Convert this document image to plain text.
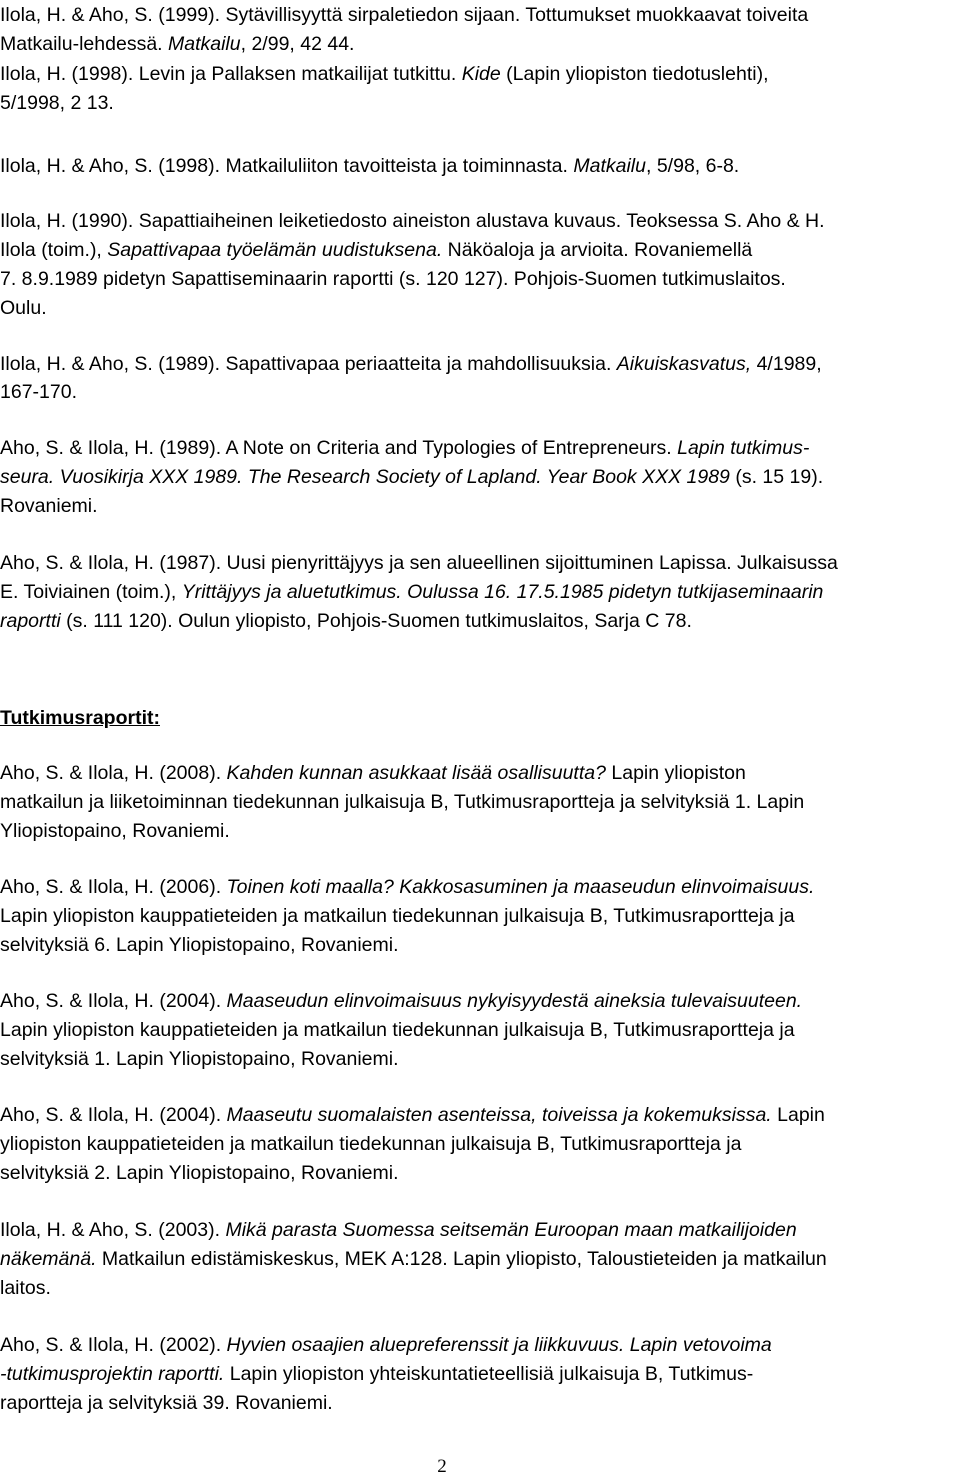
Ilola, H. & Aho, S. (1999). Sytävillisyyttä sirpaletiedon sijaan. Tottumukset muokkaavat toiveita
Matkailu-lehdessä. Matkailu, 2/99, 42 44.
Ilola, H. (1998). Levin ja Pallaksen matkailijat tutkittu. Kide (Lapin yliopiston tiedotuslehti),
5/1998, 2 13.
Ilola, H. & Aho, S. (1998). Matkailuliiton tavoitteista ja toiminnasta. Matkailu, 5/98, 6-8.
Ilola, H. (1990). Sapattiaiheinen leiketiedosto aineiston alustava kuvaus. Teoksessa S. Aho & H.
Ilola (toim.), Sapattivapaa työelämän uudistuksena. Näköaloja ja arvioita. Rovaniemellä
7. 8.9.1989 pidetyn Sapattiseminaarin raportti (s. 120 127). Pohjois-Suomen tutkimuslaitos.
Oulu.
Ilola, H. & Aho, S. (1989). Sapattivapaa periaatteita ja mahdollisuuksia. Aikuiskasvatus, 4/1989,
167-170.
Aho, S. & Ilola, H. (1989). A Note on Criteria and Typologies of Entrepreneurs. Lapin tutkimus-
seura. Vuosikirja XXX 1989. The Research Society of Lapland. Year Book XXX 1989 (s. 15 19).
Rovaniemi.
Aho, S. & Ilola, H. (1987). Uusi pienyrittäjyys ja sen alueellinen sijoittuminen Lapissa. Julkaisussa
E. Toiviainen (toim.), Yrittäjyys ja aluetutkimus. Oulussa 16. 17.5.1985 pidetyn tutkijaseminaarin
raportti (s. 111 120). Oulun yliopisto, Pohjois-Suomen tutkimuslaitos, Sarja C 78.
Aho, S. & Ilola, H. (2008). Kahden kunnan asukkaat lisää osallisuutta? Lapin yliopiston
matkailun ja liiketoiminnan tiedekunnan julkaisuja B, Tutkimusraportteja ja selvityksiä 1. Lapin
Yliopistopaino, Rovaniemi.
Aho, S. & Ilola, H. (2006). Toinen koti maalla? Kakkosasuminen ja maaseudun elinvoimaisuus.
Lapin yliopiston kauppatieteiden ja matkailun tiedekunnan julkaisuja B, Tutkimusraportteja ja
selvityksiä 6. Lapin Yliopistopaino, Rovaniemi.
Aho, S. & Ilola, H. (2004). Maaseudun elinvoimaisuus nykyisyydestä aineksia tulevaisuuteen.
Lapin yliopiston kauppatieteiden ja matkailun tiedekunnan julkaisuja B, Tutkimusraportteja ja
selvityksiä 1. Lapin Yliopistopaino, Rovaniemi.
Aho, S. & Ilola, H. (2004). Maaseutu suomalaisten asenteissa, toiveissa ja kokemuksissa. Lapin
yliopiston kauppatieteiden ja matkailun tiedekunnan julkaisuja B, Tutkimusraportteja ja
selvityksiä 2. Lapin Yliopistopaino, Rovaniemi.
Ilola, H. & Aho, S. (2003). Mikä parasta Suomessa seitsemän Euroopan maan matkailijoiden
näkemänä. Matkailun edistämiskeskus, MEK A:128. Lapin yliopisto, Taloustieteiden ja matkailun
laitos.
Aho, S. & Ilola, H. (2002). Hyvien osaajien aluepreferenssit ja liikkuvuus. Lapin vetovoima
-tutkimusprojektin raportti. Lapin yliopiston yhteiskuntatieteellisiä julkaisuja B, Tutkimus-
raportteja ja selvityksiä 39. Rovaniemi.
Tutkimusraportit:
2
